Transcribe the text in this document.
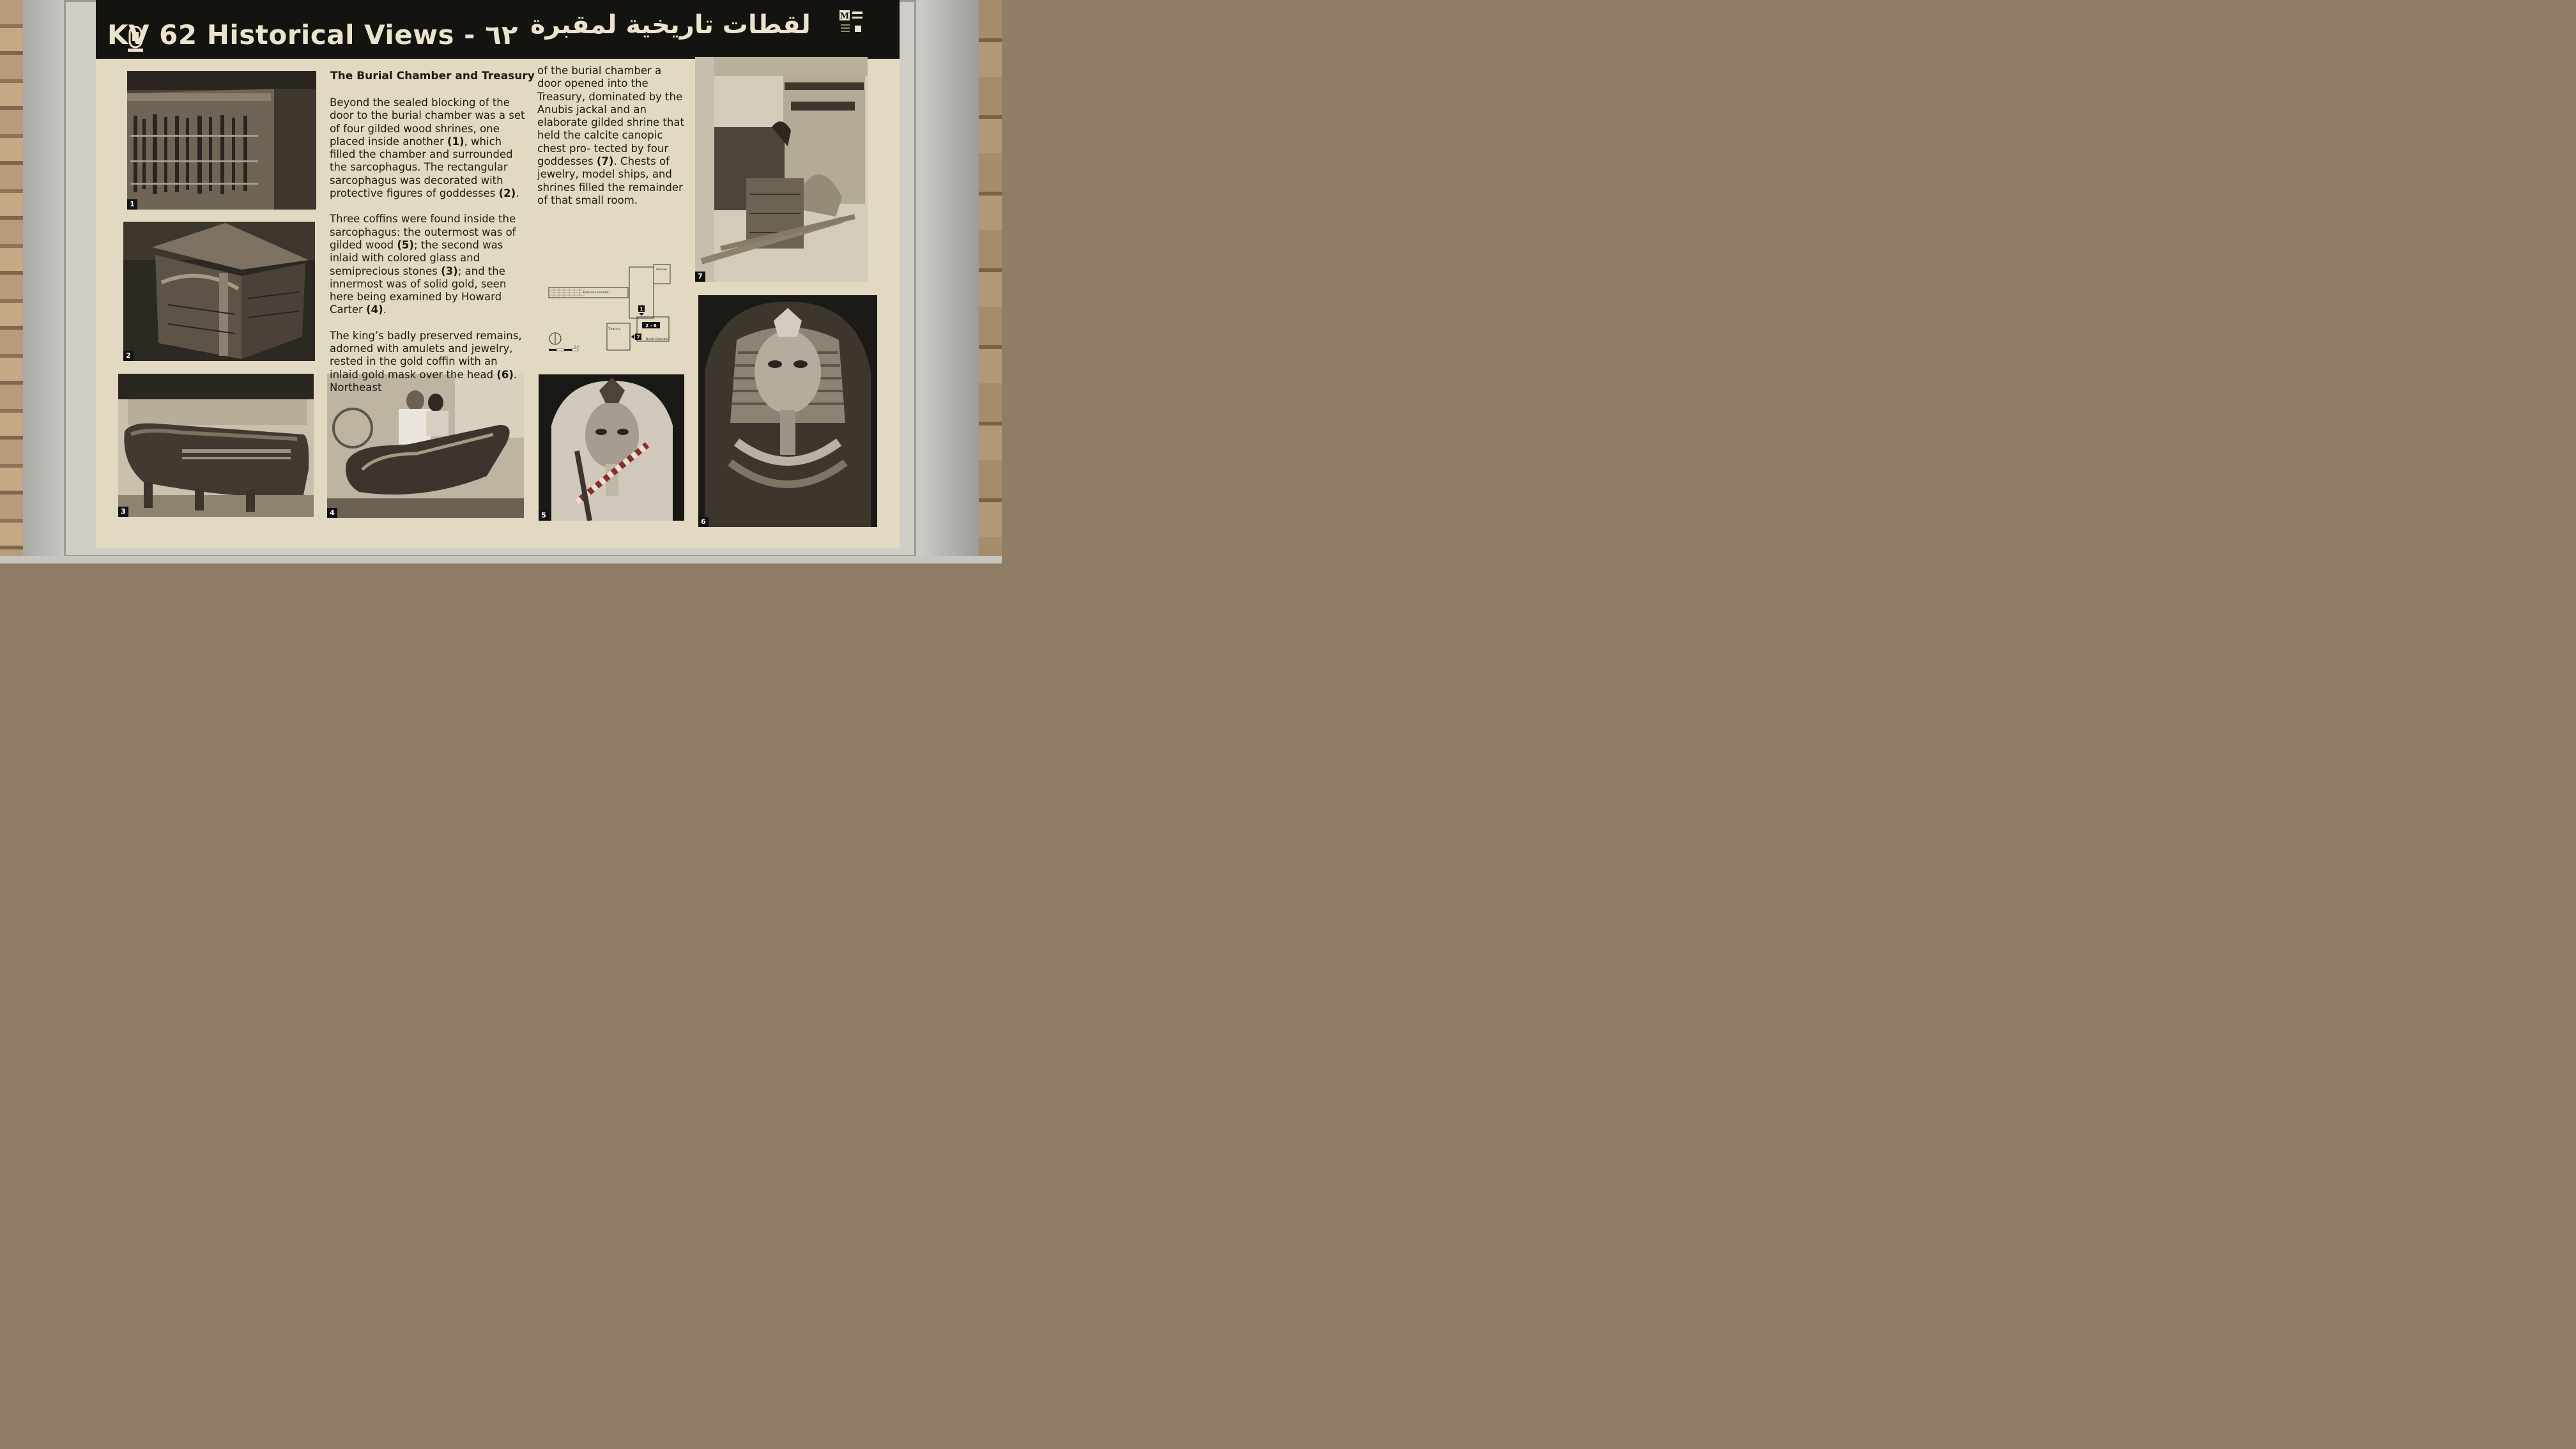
KV 62 Historical Views - ٦٢ لقطات تاريخية لمقبرة	M
1
2
3	4	5
6
7
The Burial Chamber and Treasury

Beyond the sealed blocking of the door to the burial chamber was a set of four gilded wood shrines, one placed inside another (1), which filled the chamber and surrounded the sarcophagus. The rectangular sarcophagus was decorated with protective figures of goddesses (2).

Three coffins were found inside the sarcophagus: the outermost was of gilded wood (5); the second was inlaid with colored glass and semiprecious stones (3); and the innermost was of solid gold, seen here being examined by Howard Carter (4).

The king’s badly preserved remains, adorned with amulets and jewelry, rested in the gold coffin with an inlaid gold mask over the head (6). Northeast

of the burial chamber a door opened into the Treasury, dominated by the Anubis jackal and an elaborate gilded shrine that held the calcite canopic chest pro- tected by four goddesses (7). Chests of jewelry, model ships, and shrines filled the remainder of that small room.

Entrance Corridor
Annexe
Treasury
Burial Chamber
1
2 - 6
7
5 m
